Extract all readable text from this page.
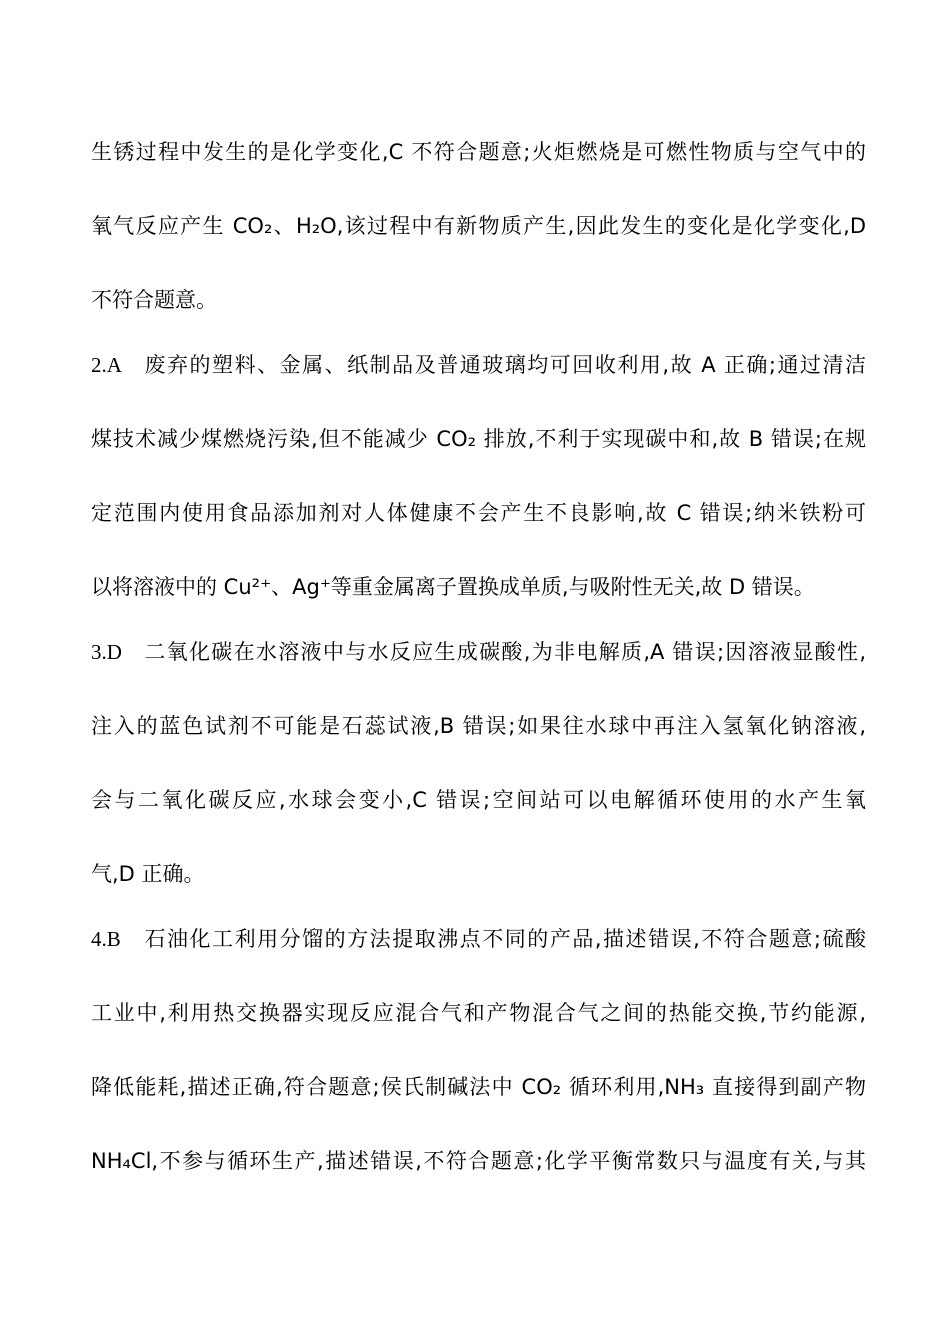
生锈过程中发生的是化学变化,C 不符合题意;火炬燃烧是可燃性物质与空气中的
氧气反应产生 CO₂、H₂O,该过程中有新物质产生,因此发生的变化是化学变化,D
不符合题意。
2.A 废弃的塑料、金属、纸制品及普通玻璃均可回收利用,故 A 正确;通过清洁
煤技术减少煤燃烧污染,但不能减少 CO₂ 排放,不利于实现碳中和,故 B 错误;在规
定范围内使用食品添加剂对人体健康不会产生不良影响,故 C 错误;纳米铁粉可
以将溶液中的 Cu²⁺、Ag⁺等重金属离子置换成单质,与吸附性无关,故 D 错误。
3.D 二氧化碳在水溶液中与水反应生成碳酸,为非电解质,A 错误;因溶液显酸性,
注入的蓝色试剂不可能是石蕊试液,B 错误;如果往水球中再注入氢氧化钠溶液,
会与二氧化碳反应,水球会变小,C 错误;空间站可以电解循环使用的水产生氧
气,D 正确。
4.B 石油化工利用分馏的方法提取沸点不同的产品,描述错误,不符合题意;硫酸
工业中,利用热交换器实现反应混合气和产物混合气之间的热能交换,节约能源,
降低能耗,描述正确,符合题意;侯氏制碱法中 CO₂ 循环利用,NH₃ 直接得到副产物
NH₄Cl,不参与循环生产,描述错误,不符合题意;化学平衡常数只与温度有关,与其
